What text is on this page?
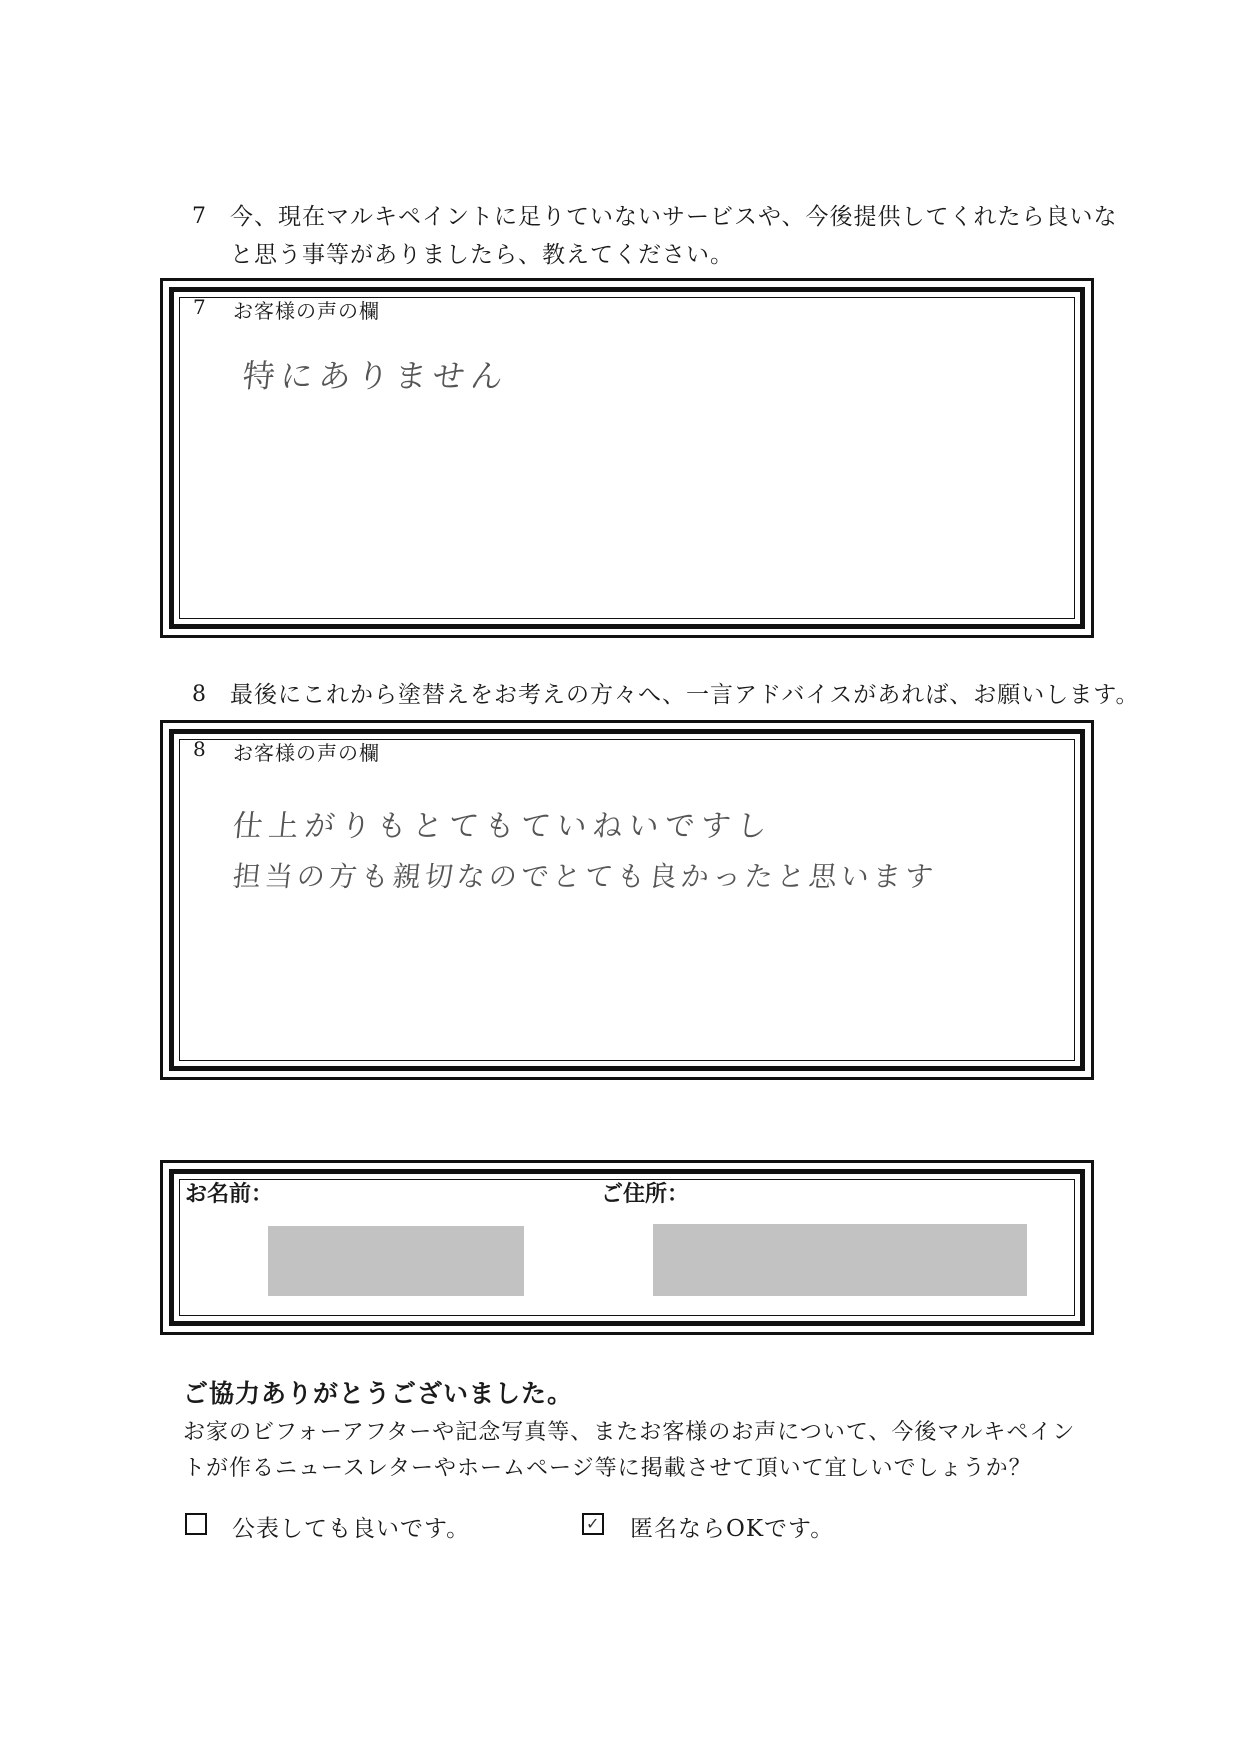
7 今、現在マルキペイントに足りていないサービスや、今後提供してくれたら良いな
と思う事等がありましたら、教えてください。
7 お客様の声の欄
特にありません
8 最後にこれから塗替えをお考えの方々へ、一言アドバイスがあれば、お願いします。
8 お客様の声の欄
仕上がりもとてもていねいですし
担当の方も親切なのでとても良かったと思います
お名前：	ご住所：
ご協力ありがとうございました。
お家のビフォーアフターや記念写真等、またお客様のお声について、今後マルキペイン
トが作るニュースレターやホームページ等に掲載させて頂いて宜しいでしょうか？
公表しても良いです。	✓ 匿名ならOKです。
